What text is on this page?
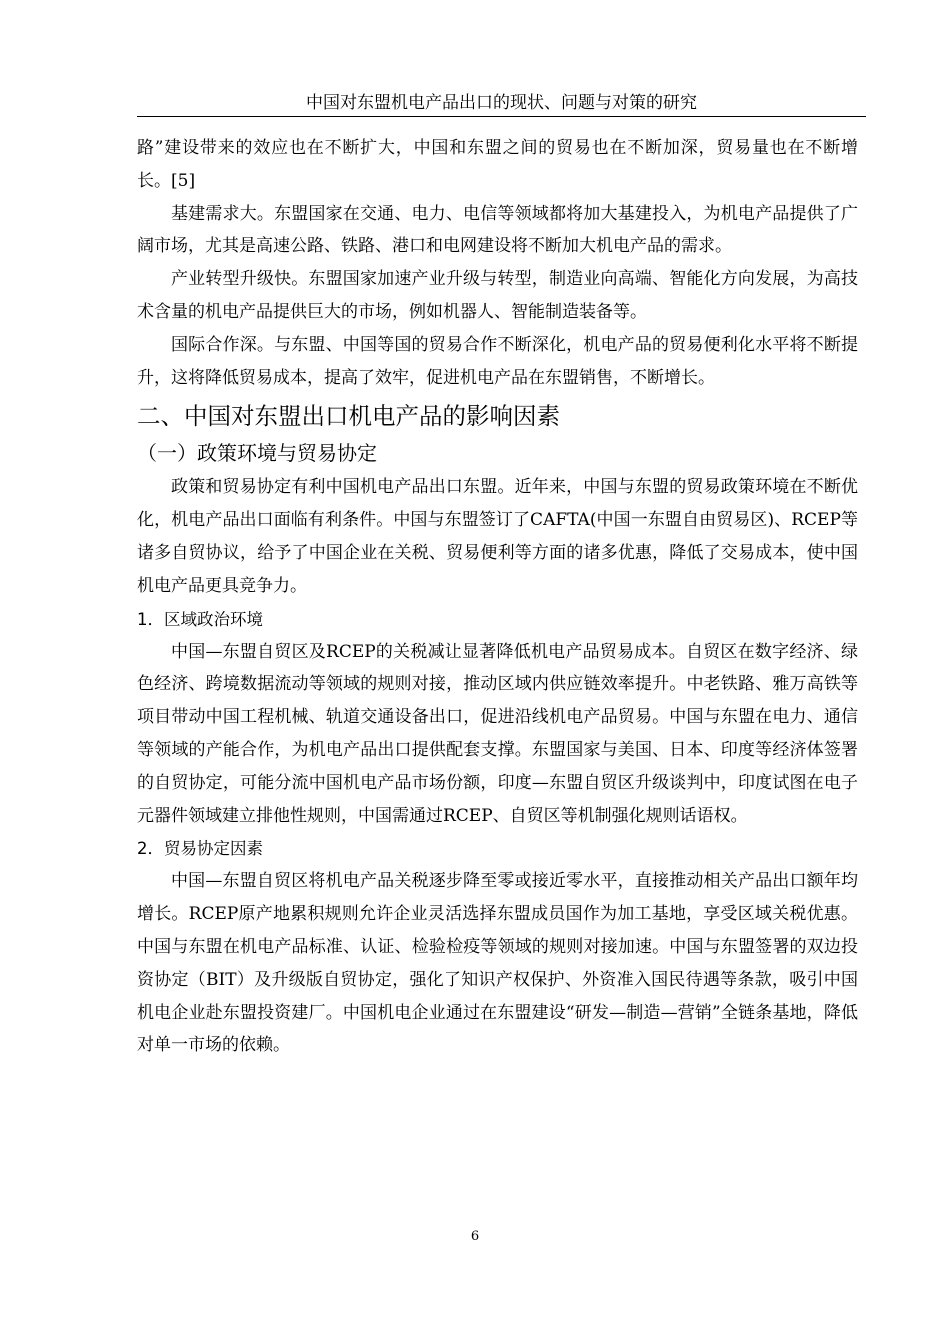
中国对东盟机电产品出口的现状、问题与对策的研究

路”建设带来的效应也在不断扩大，中国和东盟之间的贸易也在不断加深，贸易量也在不断增长。[5]

基建需求大。东盟国家在交通、电力、电信等领域都将加大基建投入，为机电产品提供了广阔市场，尤其是高速公路、铁路、港口和电网建设将不断加大机电产品的需求。

产业转型升级快。东盟国家加速产业升级与转型，制造业向高端、智能化方向发展，为高技术含量的机电产品提供巨大的市场，例如机器人、智能制造装备等。

国际合作深。与东盟、中国等国的贸易合作不断深化，机电产品的贸易便利化水平将不断提升，这将降低贸易成本，提高了效牢，促进机电产品在东盟销售，不断增长。

二、中国对东盟出口机电产品的影响因素
（一）政策环境与贸易协定

政策和贸易协定有利中国机电产品出口东盟。近年来，中国与东盟的贸易政策环境在不断优化，机电产品出口面临有利条件。中国与东盟签订了CAFTA(中国一东盟自由贸易区)、RCEP等诸多自贸协议，给予了中国企业在关税、贸易便利等方面的诸多优惠，降低了交易成本，使中国机电产品更具竞争力。

1．区域政治环境

中国—东盟自贸区及RCEP的关税减让显著降低机电产品贸易成本。自贸区在数字经济、绿色经济、跨境数据流动等领域的规则对接，推动区域内供应链效率提升。中老铁路、雅万高铁等项目带动中国工程机械、轨道交通设备出口，促进沿线机电产品贸易。中国与东盟在电力、通信等领域的产能合作，为机电产品出口提供配套支撑。东盟国家与美国、日本、印度等经济体签署的自贸协定，可能分流中国机电产品市场份额，印度—东盟自贸区升级谈判中，印度试图在电子元器件领域建立排他性规则，中国需通过RCEP、自贸区等机制强化规则话语权。

2．贸易协定因素

中国—东盟自贸区将机电产品关税逐步降至零或接近零水平，直接推动相关产品出口额年均增长。RCEP原产地累积规则允许企业灵活选择东盟成员国作为加工基地，享受区域关税优惠。中国与东盟在机电产品标准、认证、检验检疫等领域的规则对接加速。中国与东盟签署的双边投资协定（BIT）及升级版自贸协定，强化了知识产权保护、外资准入国民待遇等条款，吸引中国机电企业赴东盟投资建厂。中国机电企业通过在东盟建设“研发—制造—营销”全链条基地，降低对单一市场的依赖。

6
